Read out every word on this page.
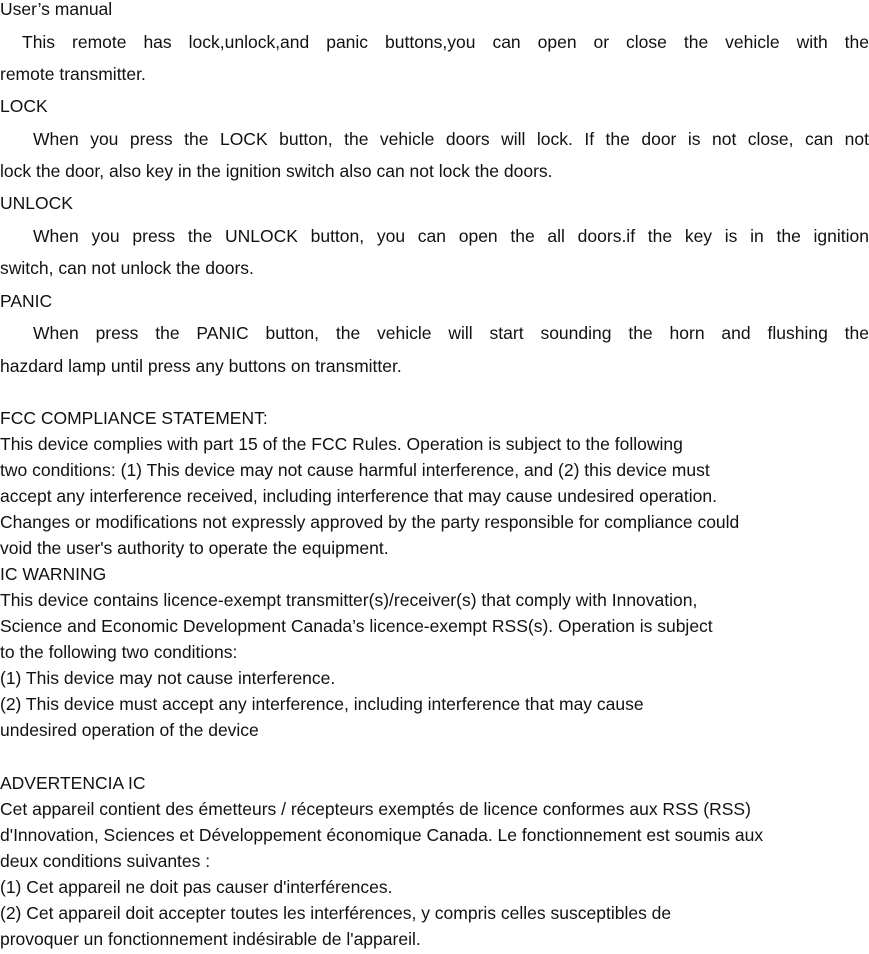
User’s manual
This remote has lock,unlock,and panic buttons,you can open or close the vehicle with the
remote transmitter.
LOCK
When you press the LOCK button, the vehicle doors will lock. If the door is not close, can not
lock the door, also key in the ignition switch also can not lock the doors.
UNLOCK
When you press the UNLOCK button, you can open the all doors.if the key is in the ignition
switch, can not unlock the doors.
PANIC
When press the PANIC button, the vehicle will start sounding the horn and flushing the
hazdard lamp until press any buttons on transmitter.
FCC COMPLIANCE STATEMENT:
This device complies with part 15 of the FCC Rules. Operation is subject to the following
two conditions: (1) This device may not cause harmful interference, and (2) this device must
accept any interference received, including interference that may cause undesired operation.
Changes or modifications not expressly approved by the party responsible for compliance could
void the user's authority to operate the equipment.
IC WARNING
This device contains licence-exempt transmitter(s)/receiver(s) that comply with Innovation,
Science and Economic Development Canada’s licence-exempt RSS(s). Operation is subject
to the following two conditions:
(1) This device may not cause interference.
(2) This device must accept any interference, including interference that may cause
undesired operation of the device
ADVERTENCIA IC
Cet appareil contient des émetteurs / récepteurs exemptés de licence conformes aux RSS (RSS)
d'Innovation, Sciences et Développement économique Canada. Le fonctionnement est soumis aux
deux conditions suivantes :
(1) Cet appareil ne doit pas causer d'interférences.
(2) Cet appareil doit accepter toutes les interférences, y compris celles susceptibles de
provoquer un fonctionnement indésirable de l'appareil.
